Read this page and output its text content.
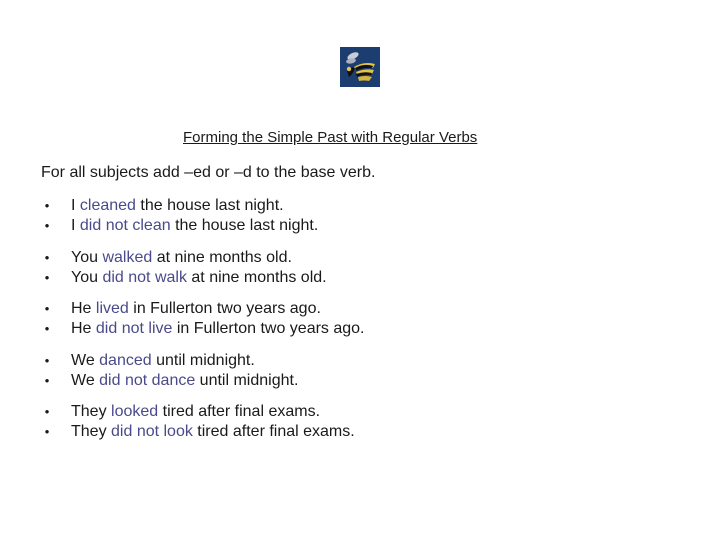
Forming the Simple Past with Regular Verbs
For all subjects add –ed or –d to the base verb.
• I cleaned the house last night.
• I did not clean the house last night.
• You walked at nine months old.
• You did not walk at nine months old.
• He lived in Fullerton two years ago.
• He did not live in Fullerton two years ago.
• We danced until midnight.
• We did not dance until midnight.
• They looked tired after final exams.
• They did not look tired after final exams.
